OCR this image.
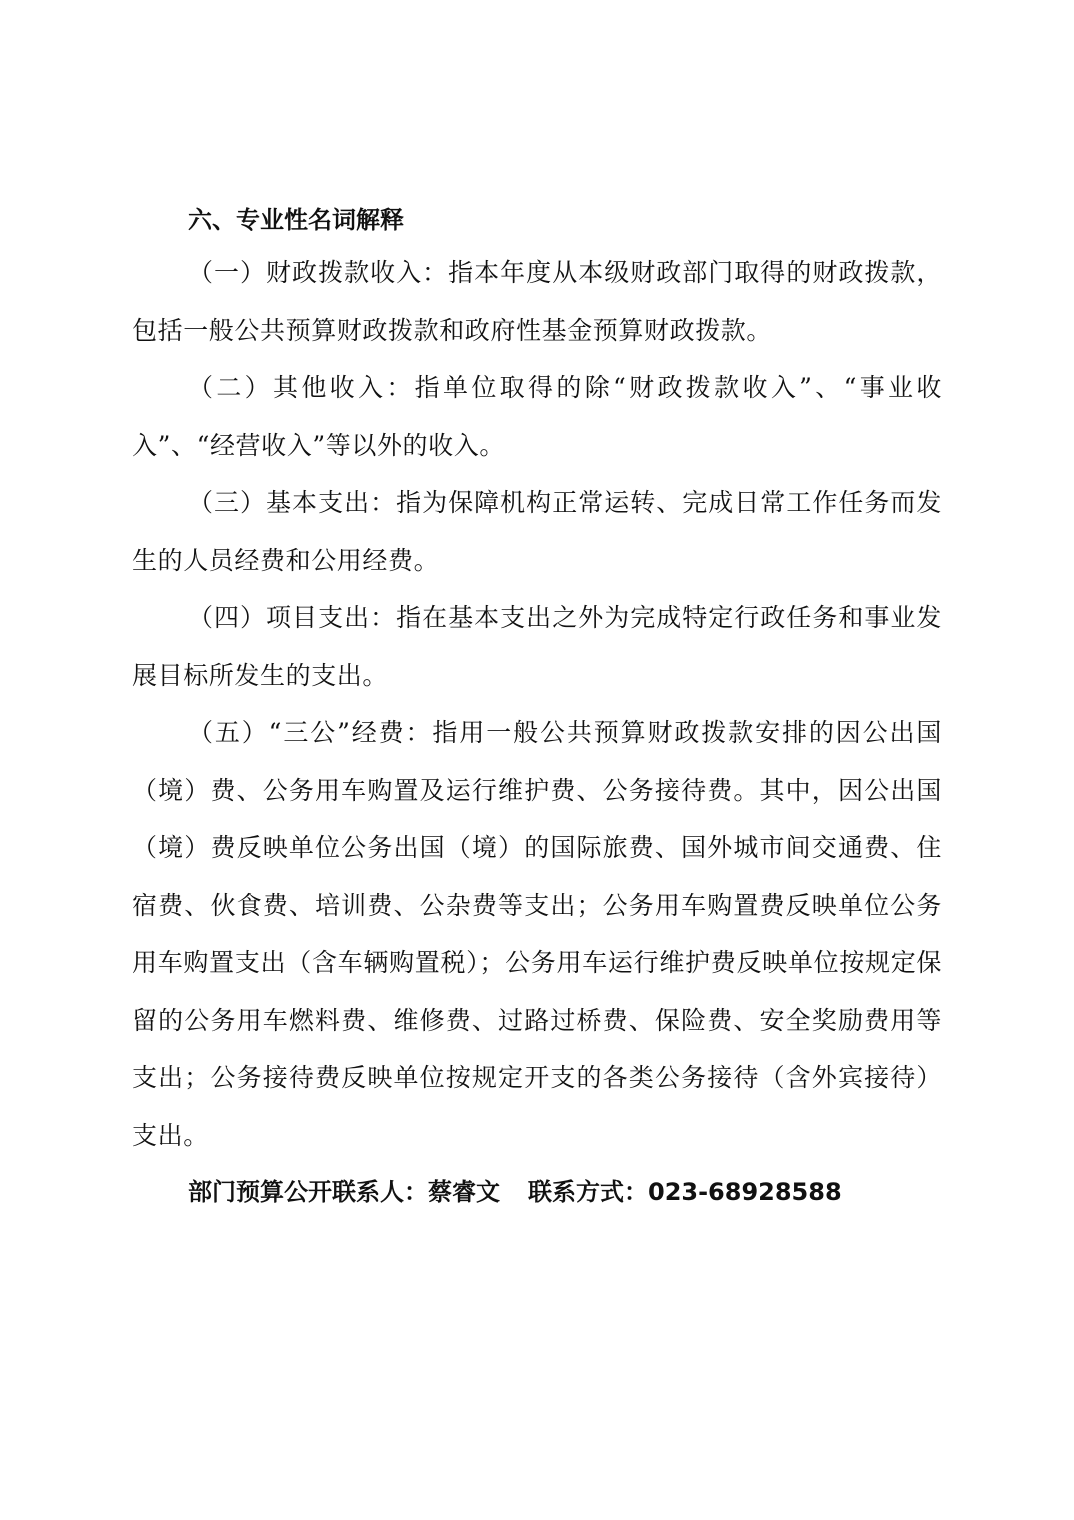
六、专业性名词解释

（一）财政拨款收入：指本年度从本级财政部门取得的财政拨款，包括一般公共预算财政拨款和政府性基金预算财政拨款。

（二）其他收入：指单位取得的除“财政拨款收入”、“事业收入”、“经营收入”等以外的收入。

（三）基本支出：指为保障机构正常运转、完成日常工作任务而发生的人员经费和公用经费。

（四）项目支出：指在基本支出之外为完成特定行政任务和事业发展目标所发生的支出。

（五）“三公”经费：指用一般公共预算财政拨款安排的因公出国（境）费、公务用车购置及运行维护费、公务接待费。其中，因公出国（境）费反映单位公务出国（境）的国际旅费、国外城市间交通费、住宿费、伙食费、培训费、公杂费等支出；公务用车购置费反映单位公务用车购置支出（含车辆购置税）；公务用车运行维护费反映单位按规定保留的公务用车燃料费、维修费、过路过桥费、保险费、安全奖励费用等支出；公务接待费反映单位按规定开支的各类公务接待（含外宾接待）支出。

部门预算公开联系人：蔡睿文 联系方式：023-68928588
